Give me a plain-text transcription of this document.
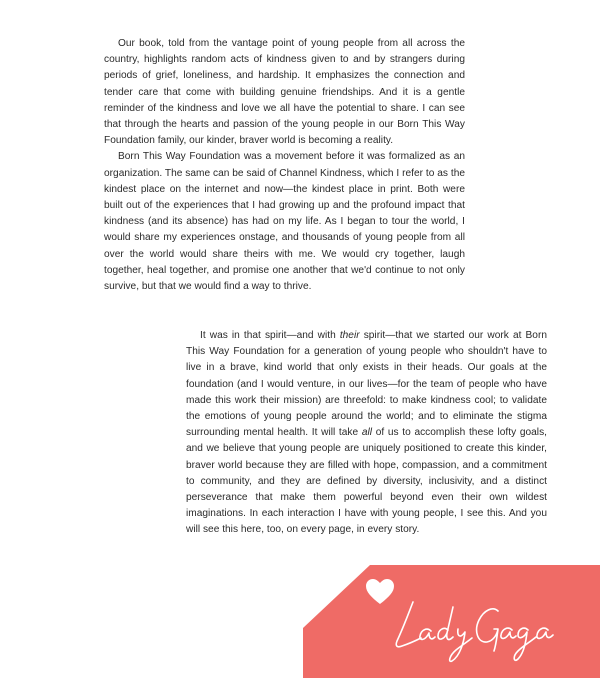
Our book, told from the vantage point of young people from all across the country, highlights random acts of kindness given to and by strangers during periods of grief, loneliness, and hardship. It emphasizes the connection and tender care that come with building genuine friendships. And it is a gentle reminder of the kindness and love we all have the potential to share. I can see that through the hearts and passion of the young people in our Born This Way Foundation family, our kinder, braver world is becoming a reality.

Born This Way Foundation was a movement before it was formalized as an organization. The same can be said of Channel Kindness, which I refer to as the kindest place on the internet and now—the kindest place in print. Both were built out of the experiences that I had growing up and the profound impact that kindness (and its absence) has had on my life. As I began to tour the world, I would share my experiences onstage, and thousands of young people from all over the world would share theirs with me. We would cry together, laugh together, heal together, and promise one another that we'd continue to not only survive, but that we would find a way to thrive.

It was in that spirit—and with their spirit—that we started our work at Born This Way Foundation for a generation of young people who shouldn't have to live in a brave, kind world that only exists in their heads. Our goals at the foundation (and I would venture, in our lives—for the team of people who have made this work their mission) are threefold: to make kindness cool; to validate the emotions of young people around the world; and to eliminate the stigma surrounding mental health. It will take all of us to accomplish these lofty goals, and we believe that young people are uniquely positioned to create this kinder, braver world because they are filled with hope, compassion, and a commitment to community, and they are defined by diversity, inclusivity, and a distinct perseverance that make them powerful beyond even their own wildest imaginations. In each interaction I have with young people, I see this. And you will see this here, too, on every page, in every story.
